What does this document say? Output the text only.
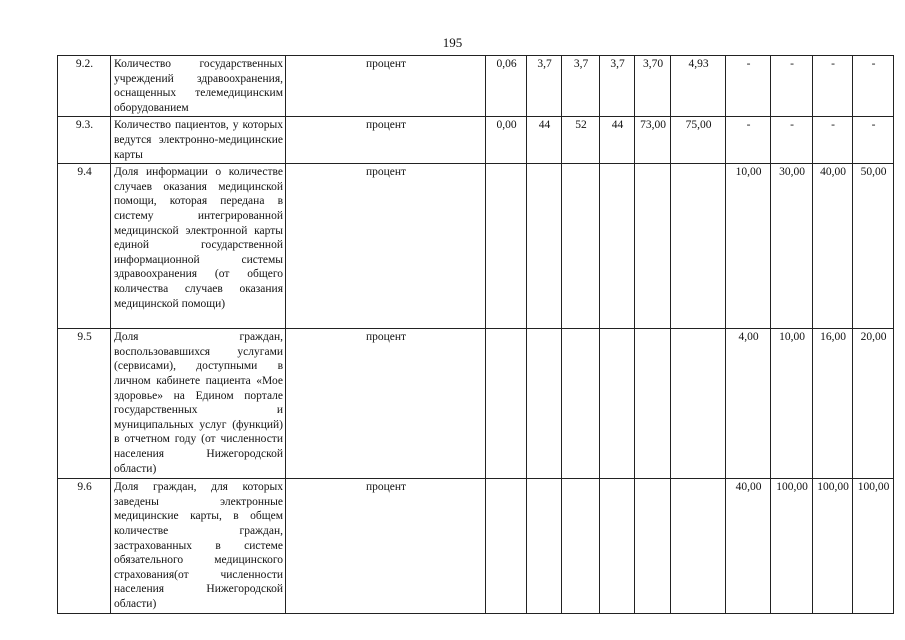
195
9.2.	Количество государственных учреждений здравоохранения, оснащенных телемедицинским оборудованием	процент	0,06	3,7	3,7	3,7	3,70	4,93	-	-	-	-
9.3.	Количество пациентов, у которых ведутся электронно-медицинские карты	процент	0,00	44	52	44	73,00	75,00	-	-	-	-
9.4	Доля информации о количестве случаев оказания медицинской помощи, которая передана в систему интегрированной медицинской электронной карты единой государственной информационной системы здравоохранения (от общего количества случаев оказания медицинской помощи)	процент							10,00	30,00	40,00	50,00
9.5	Доля граждан, воспользовавшихся услугами (сервисами), доступными в личном кабинете пациента «Мое здоровье» на Едином портале государственных и муниципальных услуг (функций) в отчетном году (от численности населения Нижегородской области)	процент							4,00	10,00	16,00	20,00
9.6	Доля граждан, для которых заведены электронные медицинские карты, в общем количестве граждан, застрахованных в системе обязательного медицинского страхования(от численности населения Нижегородской области)	процент							40,00	100,00	100,00	100,00
